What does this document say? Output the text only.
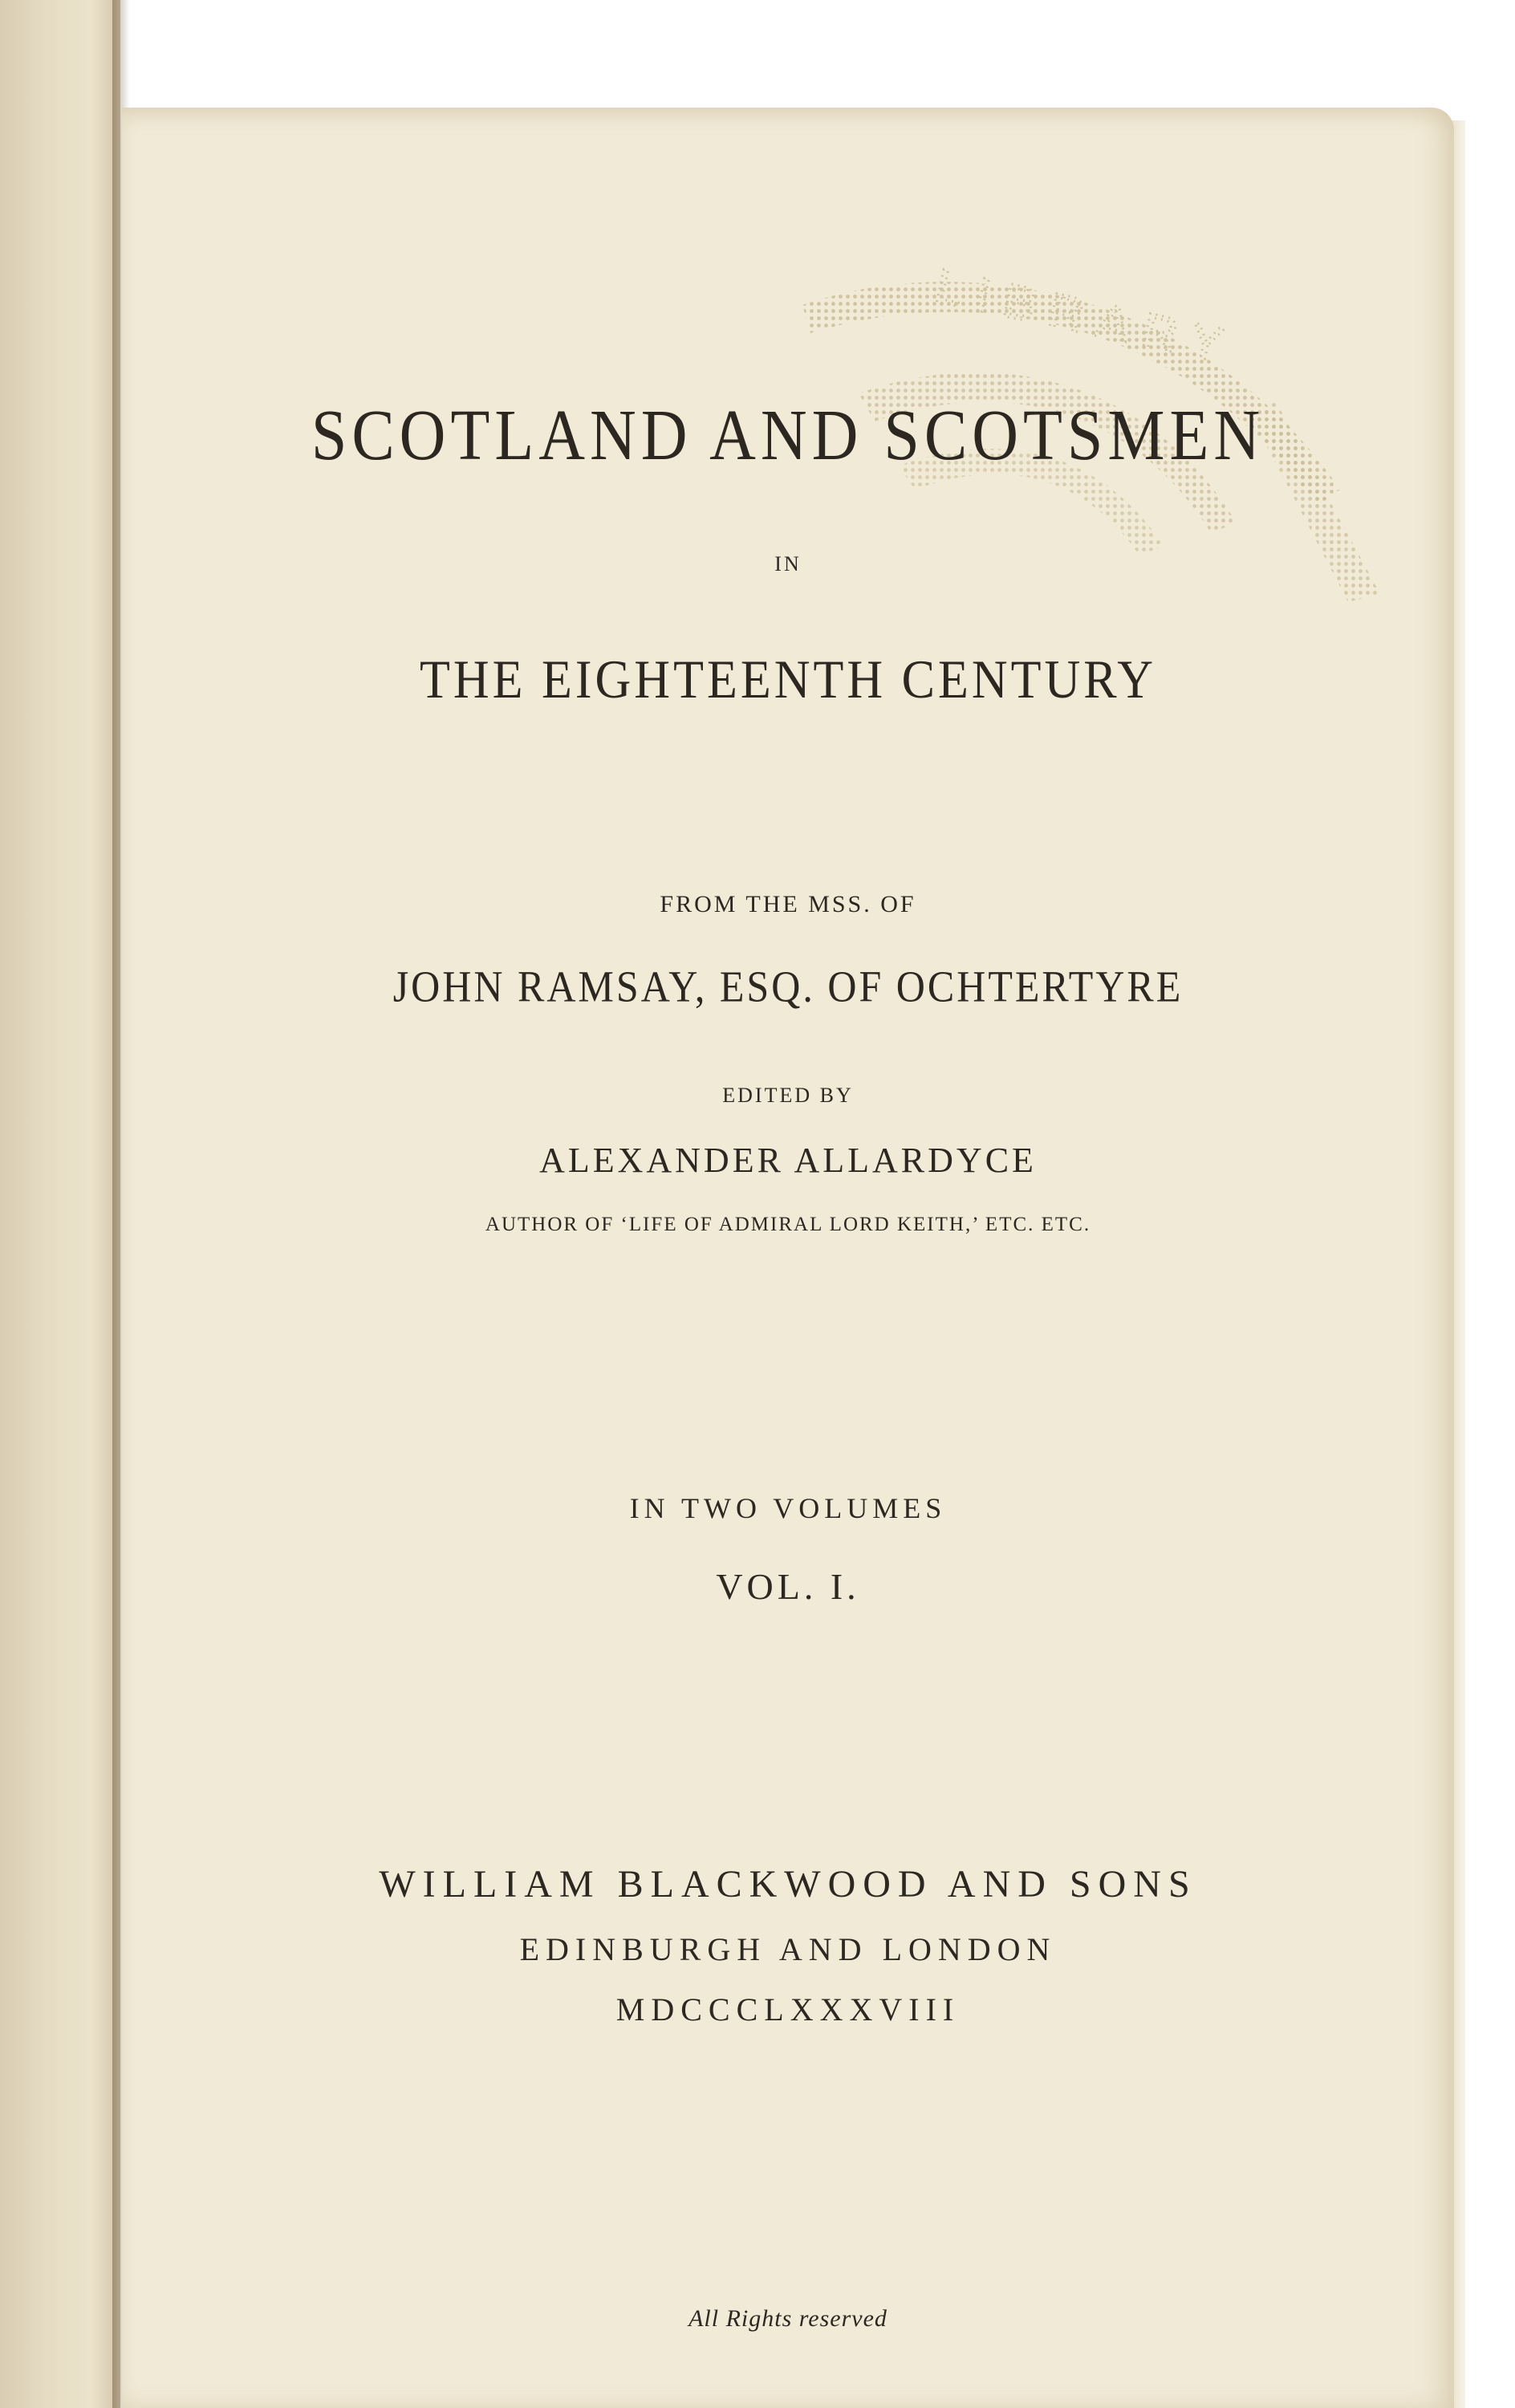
LIBRARY

SCOTLAND AND SCOTSMEN

IN

THE EIGHTEENTH CENTURY

FROM THE MSS. OF

JOHN RAMSAY, ESQ. OF OCHTERTYRE

EDITED BY

ALEXANDER ALLARDYCE

AUTHOR OF ‘LIFE OF ADMIRAL LORD KEITH,’ ETC. ETC.

IN TWO VOLUMES

VOL. I.

WILLIAM BLACKWOOD AND SONS

EDINBURGH AND LONDON

MDCCCLXXXVIII

All Rights reserved
